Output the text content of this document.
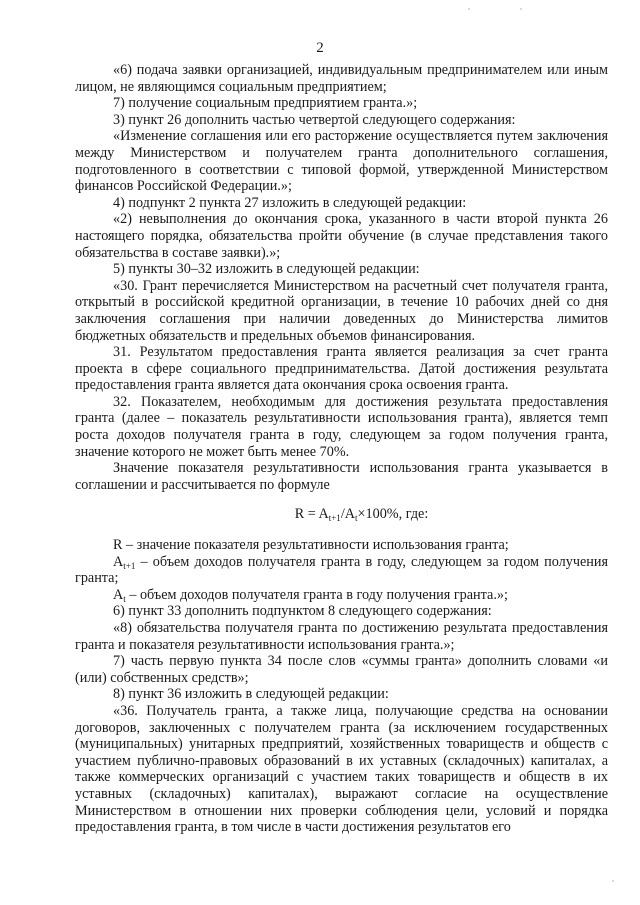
2

«6) подача заявки организацией, индивидуальным предпринимателем или иным лицом, не являющимся социальным предприятием;

7) получение социальным предприятием гранта.»;

3) пункт 26 дополнить частью четвертой следующего содержания:

«Изменение соглашения или его расторжение осуществляется путем заключения между Министерством и получателем гранта дополнительного соглашения, подготовленного в соответствии с типовой формой, утвержденной Министерством финансов Российской Федерации.»;

4) подпункт 2 пункта 27 изложить в следующей редакции:

«2) невыполнения до окончания срока, указанного в части второй пункта 26 настоящего порядка, обязательства пройти обучение (в случае представления такого обязательства в составе заявки).»;

5) пункты 30–32 изложить в следующей редакции:

«30. Грант перечисляется Министерством на расчетный счет получателя гранта, открытый в российской кредитной организации, в течение 10 рабочих дней со дня заключения соглашения при наличии доведенных до Министерства лимитов бюджетных обязательств и предельных объемов финансирования.

31. Результатом предоставления гранта является реализация за счет гранта проекта в сфере социального предпринимательства. Датой достижения результата предоставления гранта является дата окончания срока освоения гранта.

32. Показателем, необходимым для достижения результата предоставления гранта (далее – показатель результативности использования гранта), является темп роста доходов получателя гранта в году, следующем за годом получения гранта, значение которого не может быть менее 70%.

Значение показателя результативности использования гранта указывается в соглашении и рассчитывается по формуле

$R = A_{t+1}/A_t\times 100\%$, где:

R – значение показателя результативности использования гранта;

$A_{t+1}$ – объем доходов получателя гранта в году, следующем за годом получения гранта;

$A_t$ – объем доходов получателя гранта в году получения гранта.»;

6) пункт 33 дополнить подпунктом 8 следующего содержания:

«8) обязательства получателя гранта по достижению результата предоставления гранта и показателя результативности использования гранта.»;

7) часть первую пункта 34 после слов «суммы гранта» дополнить словами «и (или) собственных средств»;

8) пункт 36 изложить в следующей редакции:

«36. Получатель гранта, а также лица, получающие средства на основании договоров, заключенных с получателем гранта (за исключением государственных (муниципальных) унитарных предприятий, хозяйственных товариществ и обществ с участием публично-правовых образований в их уставных (складочных) капиталах, а также коммерческих организаций с участием таких товариществ и обществ в их уставных (складочных) капиталах), выражают согласие на осуществление Министерством в отношении них проверки соблюдения цели, условий и порядка предоставления гранта, в том числе в части достижения результатов его
